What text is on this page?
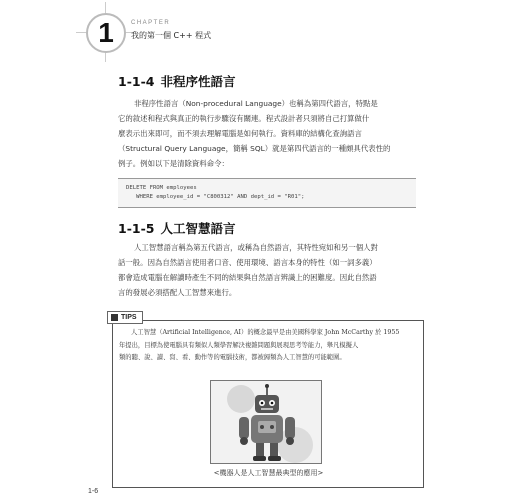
1	CHAPTER
我的第一個 C++ 程式
1-1-4 非程序性語言
非程序性語言（Non-procedural Language）也稱為第四代語言，特點是
它的敘述和程式與真正的執行步驟沒有關連。程式設計者只須將自己打算做什
麼表示出來即可，而不須去理解電腦是如何執行。資料庫的結構化查詢語言
（Structural Query Language，簡稱 SQL）就是第四代語言的一種頗具代表性的
例子。例如以下是清除資料命令：
DELETE FROM employees
WHERE employee_id = "C800312" AND dept_id = "R01";
1-1-5 人工智慧語言
人工智慧語言稱為第五代語言，或稱為自然語言，其特性宛如和另一個人對
話一般。因為自然語言使用者口音、使用環境、語言本身的特性（如一詞多義）
都會造成電腦在解讀時產生不同的結果與自然語言辨識上的困難度。因此自然語
言的發展必須搭配人工智慧來進行。
TIPS
人工智慧（Artificial Intelligence, AI）的概念最早是由美國科學家 John McCarthy 於 1955
年提出，目標為使電腦具有類似人類學習解決複雜問題與展現思考等能力，舉凡模擬人
類的聽、說、讀、寫、看、動作等的電腦技術，都被歸類為人工智慧的可能範圍。
<機器人是人工智慧最典型的應用>
1-6
